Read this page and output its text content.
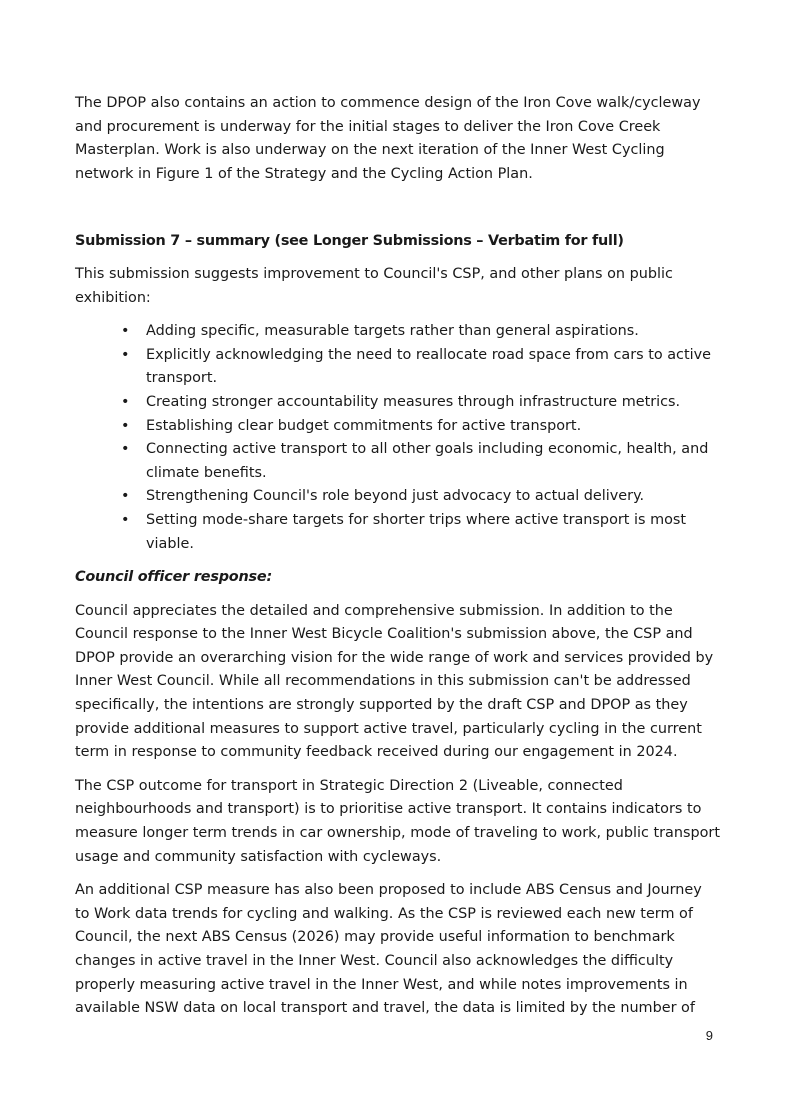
The DPOP also contains an action to commence design of the Iron Cove walk/cycleway and procurement is underway for the initial stages to deliver the Iron Cove Creek Masterplan. Work is also underway on the next iteration of the Inner West Cycling network in Figure 1 of the Strategy and the Cycling Action Plan.

Submission 7 – summary (see Longer Submissions – Verbatim for full)

This submission suggests improvement to Council's CSP, and other plans on public exhibition:

• Adding specific, measurable targets rather than general aspirations.
• Explicitly acknowledging the need to reallocate road space from cars to active transport.
• Creating stronger accountability measures through infrastructure metrics.
• Establishing clear budget commitments for active transport.
• Connecting active transport to all other goals including economic, health, and climate benefits.
• Strengthening Council's role beyond just advocacy to actual delivery.
• Setting mode-share targets for shorter trips where active transport is most viable.

Council officer response:

Council appreciates the detailed and comprehensive submission. In addition to the Council response to the Inner West Bicycle Coalition's submission above, the CSP and DPOP provide an overarching vision for the wide range of work and services provided by Inner West Council. While all recommendations in this submission can't be addressed specifically, the intentions are strongly supported by the draft CSP and DPOP as they provide additional measures to support active travel, particularly cycling in the current term in response to community feedback received during our engagement in 2024.

The CSP outcome for transport in Strategic Direction 2 (Liveable, connected neighbourhoods and transport) is to prioritise active transport. It contains indicators to measure longer term trends in car ownership, mode of traveling to work, public transport usage and community satisfaction with cycleways.

An additional CSP measure has also been proposed to include ABS Census and Journey to Work data trends for cycling and walking. As the CSP is reviewed each new term of Council, the next ABS Census (2026) may provide useful information to benchmark changes in active travel in the Inner West. Council also acknowledges the difficulty properly measuring active travel in the Inner West, and while notes improvements in available NSW data on local transport and travel, the data is limited by the number of

9
